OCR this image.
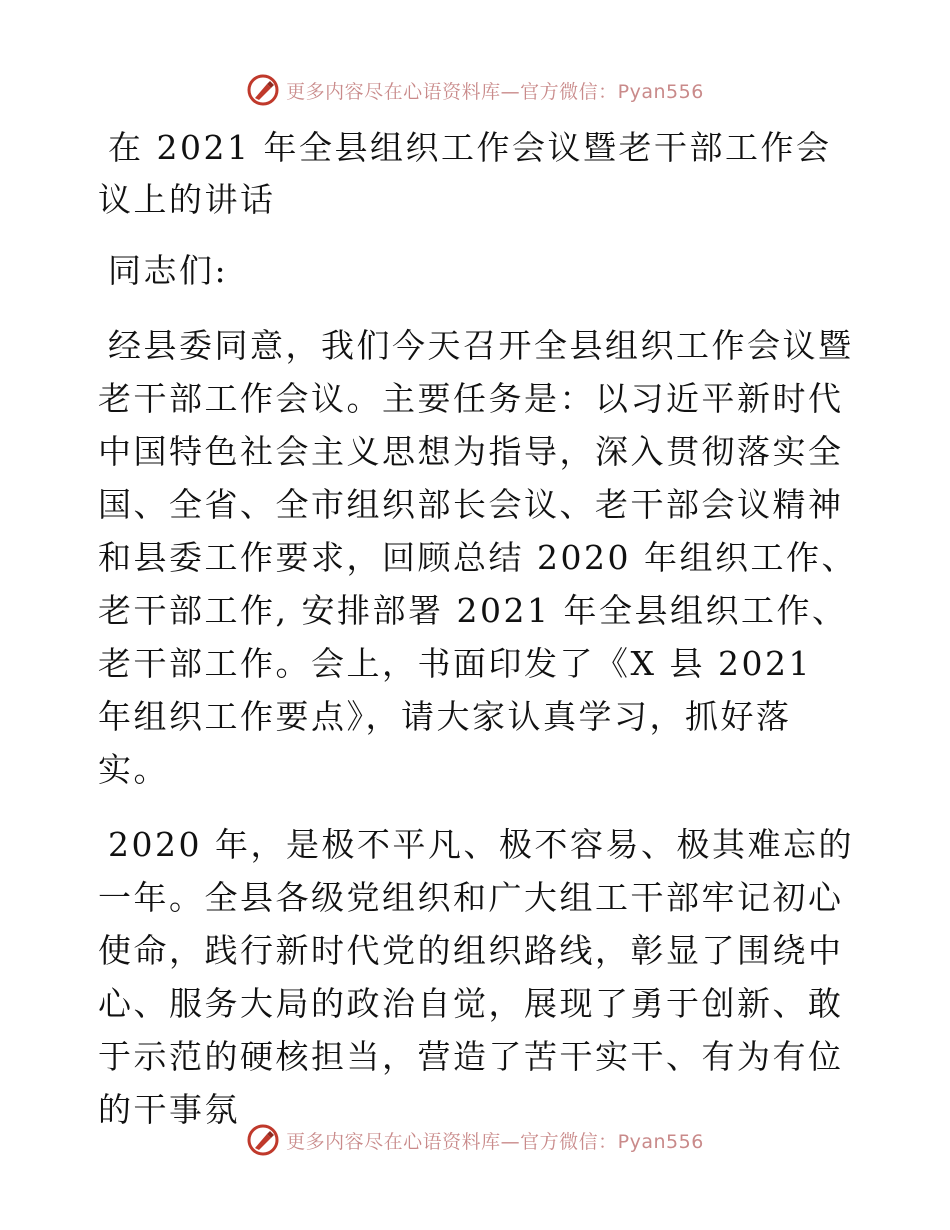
更多内容尽在心语资料库—官方微信：Pyan556
在 2021 年全县组织工作会议暨老干部工作会议上的讲话

同志们:

经县委同意，我们今天召开全县组织工作会议暨老干部工作会议。主要任务是：以习近平新时代中国特色社会主义思想为指导，深入贯彻落实全国、全省、全市组织部长会议、老干部会议精神和县委工作要求，回顾总结 2020 年组织工作、老干部工作, 安排部署 2021 年全县组织工作、老干部工作。会上，书面印发了《X 县 2021 年组织工作要点》，请大家认真学习，抓好落实。

2020 年，是极不平凡、极不容易、极其难忘的一年。全县各级党组织和广大组工干部牢记初心使命，践行新时代党的组织路线，彰显了围绕中心、服务大局的政治自觉，展现了勇于创新、敢于示范的硬核担当，营造了苦干实干、有为有位的干事氛

更多内容尽在心语资料库—官方微信：Pyan556
